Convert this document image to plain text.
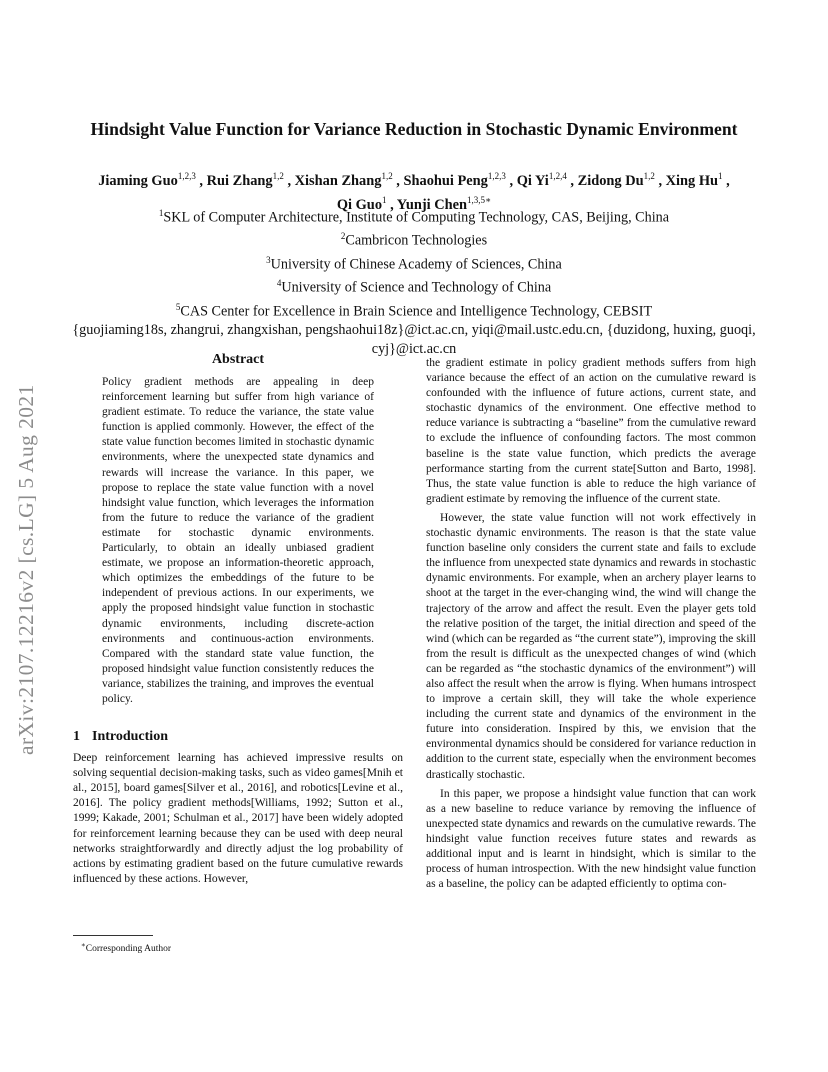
arXiv:2107.12216v2 [cs.LG] 5 Aug 2021
Hindsight Value Function for Variance Reduction in Stochastic Dynamic Environment
Jiaming Guo$^{1,2,3}$ , Rui Zhang$^{1,2}$ , Xishan Zhang$^{1,2}$ , Shaohui Peng$^{1,2,3}$ , Qi Yi$^{1,2,4}$ , Zidong Du$^{1,2}$ , Xing Hu$^1$ , Qi Guo$^1$ , Yunji Chen$^{1,3,5∗}$
$^1$SKL of Computer Architecture, Institute of Computing Technology, CAS, Beijing, China
$^2$Cambricon Technologies
$^3$University of Chinese Academy of Sciences, China
$^4$University of Science and Technology of China
$^5$CAS Center for Excellence in Brain Science and Intelligence Technology, CEBSIT
{guojiaming18s, zhangrui, zhangxishan, pengshaohui18z}@ict.ac.cn, yiqi@mail.ustc.edu.cn, {duzidong, huxing, guoqi, cyj}@ict.ac.cn
Abstract

Policy gradient methods are appealing in deep reinforcement learning but suffer from high variance of gradient estimate. To reduce the variance, the state value function is applied commonly. However, the effect of the state value function becomes limited in stochastic dynamic environments, where the unexpected state dynamics and rewards will increase the variance. In this paper, we propose to replace the state value function with a novel hindsight value function, which leverages the information from the future to reduce the variance of the gradient estimate for stochastic dynamic environments. Particularly, to obtain an ideally unbiased gradient estimate, we propose an information-theoretic approach, which optimizes the embeddings of the future to be independent of previous actions. In our experiments, we apply the proposed hindsight value function in stochastic dynamic environments, including discrete-action environments and continuous-action environments. Compared with the standard state value function, the proposed hindsight value function consistently reduces the variance, stabilizes the training, and improves the eventual policy.

1 Introduction

Deep reinforcement learning has achieved impressive results on solving sequential decision-making tasks, such as video games[Mnih et al., 2015], board games[Silver et al., 2016], and robotics[Levine et al., 2016]. The policy gradient methods[Williams, 1992; Sutton et al., 1999; Kakade, 2001; Schulman et al., 2017] have been widely adopted for reinforcement learning because they can be used with deep neural networks straightforwardly and directly adjust the log probability of actions by estimating gradient based on the future cumulative rewards influenced by these actions. However,

the gradient estimate in policy gradient methods suffers from high variance because the effect of an action on the cumulative reward is confounded with the influence of future actions, current state, and stochastic dynamics of the environment. One effective method to reduce variance is subtracting a “baseline” from the cumulative reward to exclude the influence of confounding factors. The most common baseline is the state value function, which predicts the average performance starting from the current state[Sutton and Barto, 1998]. Thus, the state value function is able to reduce the high variance of gradient estimate by removing the influence of the current state.

However, the state value function will not work effectively in stochastic dynamic environments. The reason is that the state value function baseline only considers the current state and fails to exclude the influence from unexpected state dynamics and rewards in stochastic dynamic environments. For example, when an archery player learns to shoot at the target in the ever-changing wind, the wind will change the trajectory of the arrow and affect the result. Even the player gets told the relative position of the target, the initial direction and speed of the wind (which can be regarded as “the current state”), improving the skill from the result is difficult as the unexpected changes of wind (which can be regarded as “the stochastic dynamics of the environment”) will also affect the result when the arrow is flying. When humans introspect to improve a certain skill, they will take the whole experience including the current state and dynamics of the environment in the future into consideration. Inspired by this, we envision that the environmental dynamics should be considered for variance reduction in addition to the current state, especially when the environment becomes drastically stochastic.

In this paper, we propose a hindsight value function that can work as a new baseline to reduce variance by removing the influence of unexpected state dynamics and rewards on the cumulative rewards. The hindsight value function receives future states and rewards as additional input and is learnt in hindsight, which is similar to the process of human introspection. With the new hindsight value function as a baseline, the policy can be adapted efficiently to optima con-

∗Corresponding Author
